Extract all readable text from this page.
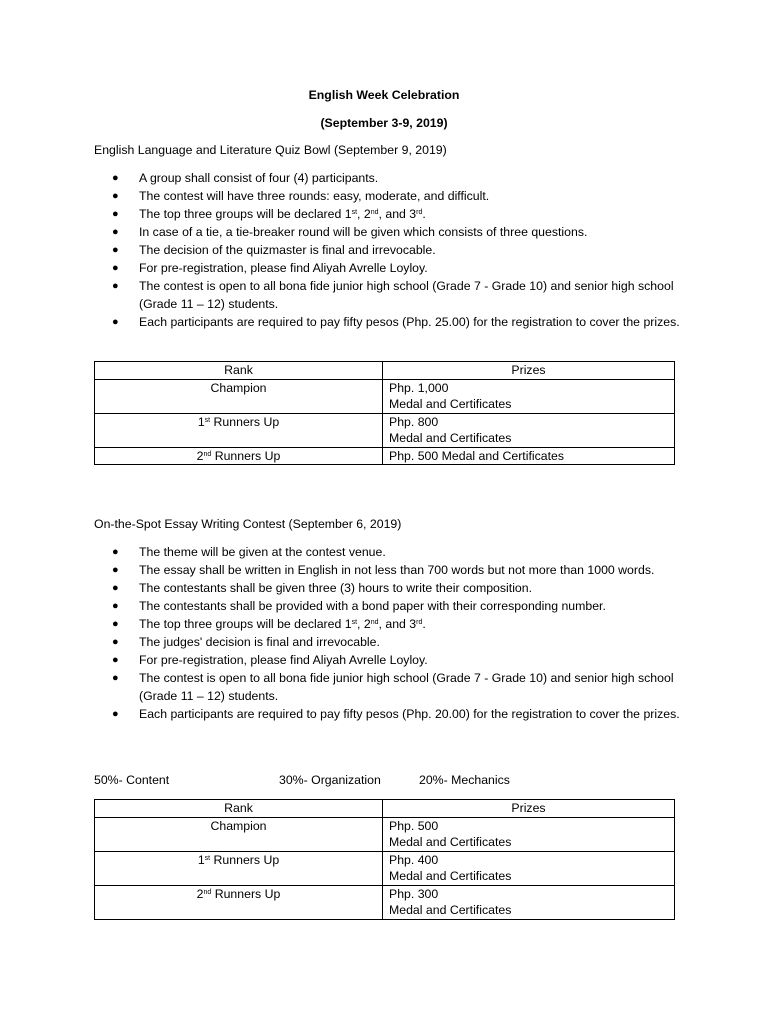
English Week Celebration
(September 3-9, 2019)
English Language and Literature Quiz Bowl (September 9, 2019)
● A group shall consist of four (4) participants.
● The contest will have three rounds: easy, moderate, and difficult.
● The top three groups will be declared 1st, 2nd, and 3rd.
● In case of a tie, a tie-breaker round will be given which consists of three questions.
● The decision of the quizmaster is final and irrevocable.
● For pre-registration, please find Aliyah Avrelle Loyloy.
● The contest is open to all bona fide junior high school (Grade 7 - Grade 10) and senior high school (Grade 11 – 12) students.
● Each participants are required to pay fifty pesos (Php. 25.00) for the registration to cover the prizes.
Rank	Prizes
Champion	Php. 1,000
Medal and Certificates

1st Runners Up	Php. 800
Medal and Certificates

2nd Runners Up	Php. 500 Medal and Certificates
On-the-Spot Essay Writing Contest (September 6, 2019)
● The theme will be given at the contest venue.
● The essay shall be written in English in not less than 700 words but not more than 1000 words.
● The contestants shall be given three (3) hours to write their composition.
● The contestants shall be provided with a bond paper with their corresponding number.
● The top three groups will be declared 1st, 2nd, and 3rd.
● The judges' decision is final and irrevocable.
● For pre-registration, please find Aliyah Avrelle Loyloy.
● The contest is open to all bona fide junior high school (Grade 7 - Grade 10) and senior high school (Grade 11 – 12) students.
● Each participants are required to pay fifty pesos (Php. 20.00) for the registration to cover the prizes.
50%- Content	30%- Organization	20%- Mechanics
Rank	Prizes
Champion	Php. 500
Medal and Certificates

1st Runners Up	Php. 400
Medal and Certificates

2nd Runners Up	Php. 300
Medal and Certificates
